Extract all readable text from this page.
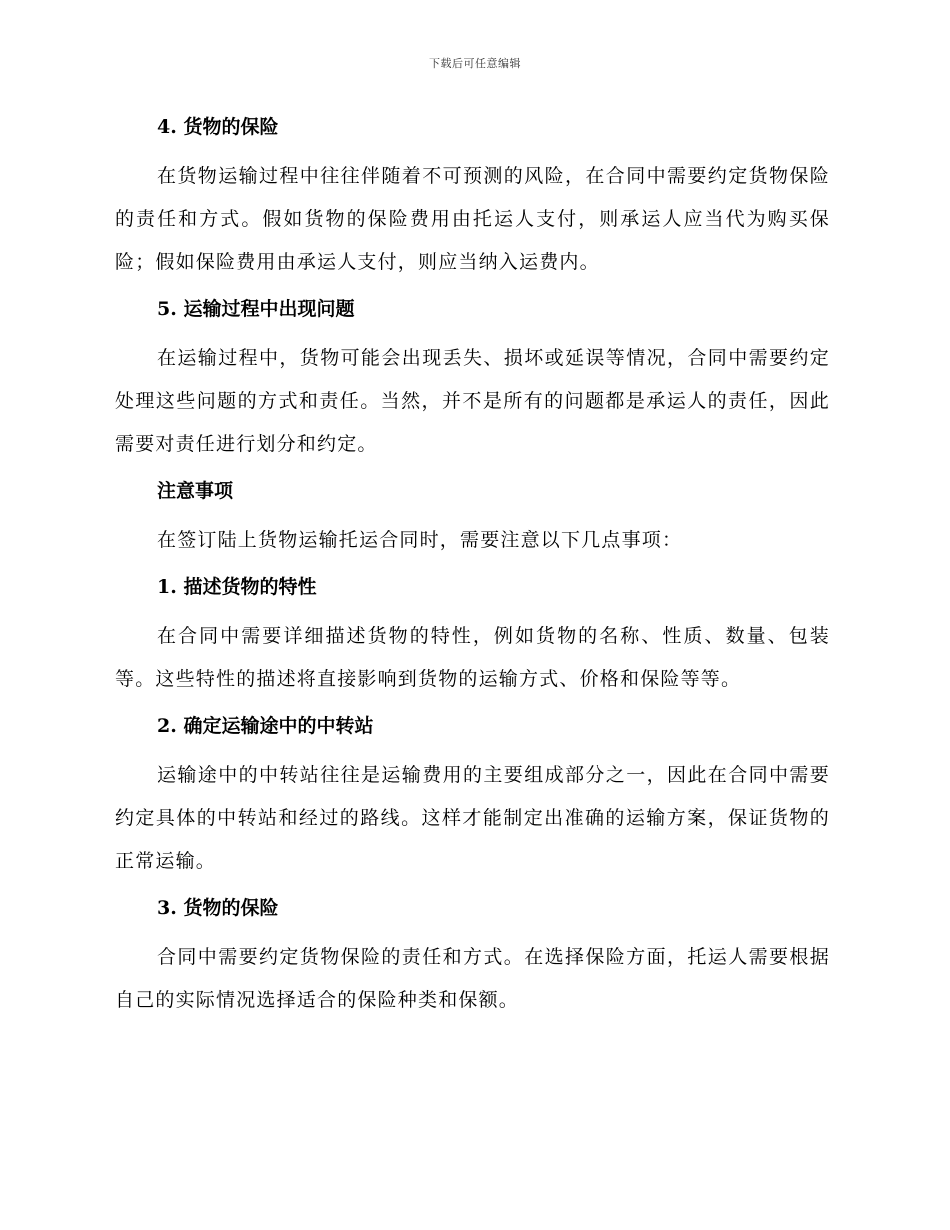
下载后可任意编辑

4. 货物的保险

在货物运输过程中往往伴随着不可预测的风险，在合同中需要约定货物保险的责任和方式。假如货物的保险费用由托运人支付，则承运人应当代为购买保险；假如保险费用由承运人支付，则应当纳入运费内。

5. 运输过程中出现问题

在运输过程中，货物可能会出现丢失、损坏或延误等情况，合同中需要约定处理这些问题的方式和责任。当然，并不是所有的问题都是承运人的责任，因此需要对责任进行划分和约定。

注意事项

在签订陆上货物运输托运合同时，需要注意以下几点事项：

1. 描述货物的特性

在合同中需要详细描述货物的特性，例如货物的名称、性质、数量、包装等。这些特性的描述将直接影响到货物的运输方式、价格和保险等等。

2. 确定运输途中的中转站

运输途中的中转站往往是运输费用的主要组成部分之一，因此在合同中需要约定具体的中转站和经过的路线。这样才能制定出准确的运输方案，保证货物的正常运输。

3. 货物的保险

合同中需要约定货物保险的责任和方式。在选择保险方面，托运人需要根据自己的实际情况选择适合的保险种类和保额。
